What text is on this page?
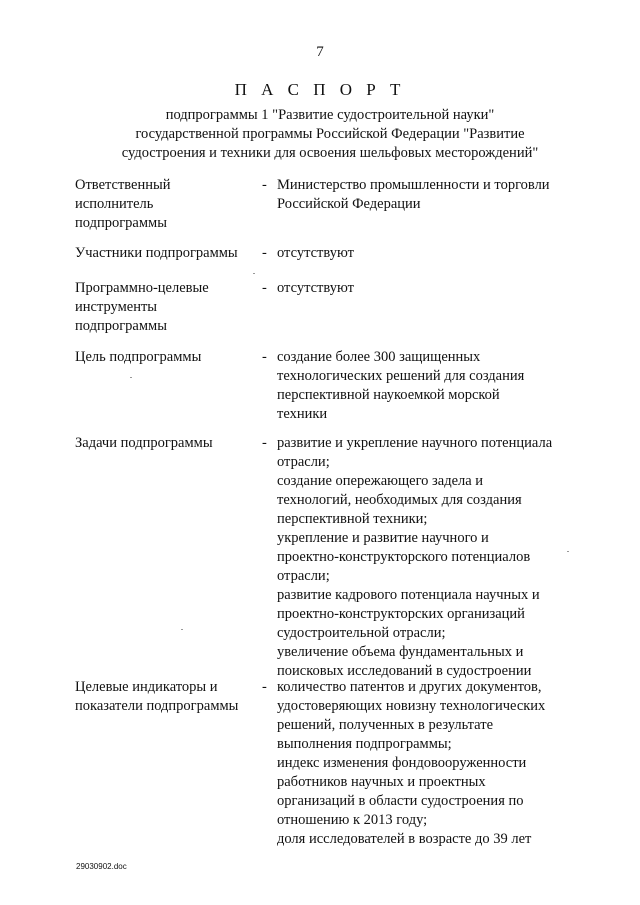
7
П А С П О Р Т
подпрограммы 1 "Развитие судостроительной науки"
государственной программы Российской Федерации "Развитие
судостроения и техники для освоения шельфовых месторождений"
Ответственный
исполнитель
подпрограммы
- Министерство промышленности и торговли
Российской Федерации
Участники подпрограммы	- отсутствуют
Программно-целевые
инструменты
подпрограммы
- отсутствуют
Цель подпрограммы	- создание более 300 защищенных
технологических решений для создания
перспективной наукоемкой морской
техники
Задачи подпрограммы	- развитие и укрепление научного потенциала
отрасли;
создание опережающего задела и
технологий, необходимых для создания
перспективной техники;
укрепление и развитие научного и
проектно-конструкторского потенциалов
отрасли;
развитие кадрового потенциала научных и
проектно-конструкторских организаций
судостроительной отрасли;
увеличение объема фундаментальных и
поисковых исследований в судостроении
Целевые индикаторы и
показатели подпрограммы
- количество патентов и других документов,
удостоверяющих новизну технологических
решений, полученных в результате
выполнения подпрограммы;
индекс изменения фондовооруженности
работников научных и проектных
организаций в области судостроения по
отношению к 2013 году;
доля исследователей в возрасте до 39 лет
29030902.doc
